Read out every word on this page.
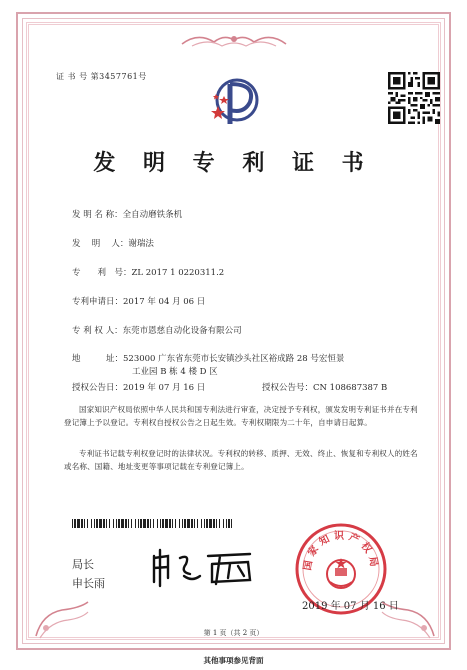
证 书 号 第3457761号
发 明 专 利 证 书
发 明 名 称：全自动磨铁条机
发　 明　 人：谢瑞法
专　　利　号：ZL 2017 1 0220311.2
专利申请日：2017 年 04 月 06 日
专 利 权 人：东莞市恩慈自动化设备有限公司
地　　　址：523000 广东省东莞市长安镇沙头社区裕成路 28 号宏恒景
工业园 B 栋 4 楼 D 区
授权公告日：2019 年 07 月 16 日	授权公告号：CN 108687387 B
国家知识产权局依照中华人民共和国专利法进行审查，决定授予专利权，颁发发明专利证书并在专利登记簿上予以登记。专利权自授权公告之日起生效。专利权期限为二十年，自申请日起算。
专利证书记载专利权登记时的法律状况。专利权的转移、质押、无效、终止、恢复和专利权人的姓名或名称、国籍、地址变更等事项记载在专利登记簿上。
局长
申长雨
国家知识产权局
2019 年 07 月 16 日
第 1 页（共 2 页）
其他事项参见背面
